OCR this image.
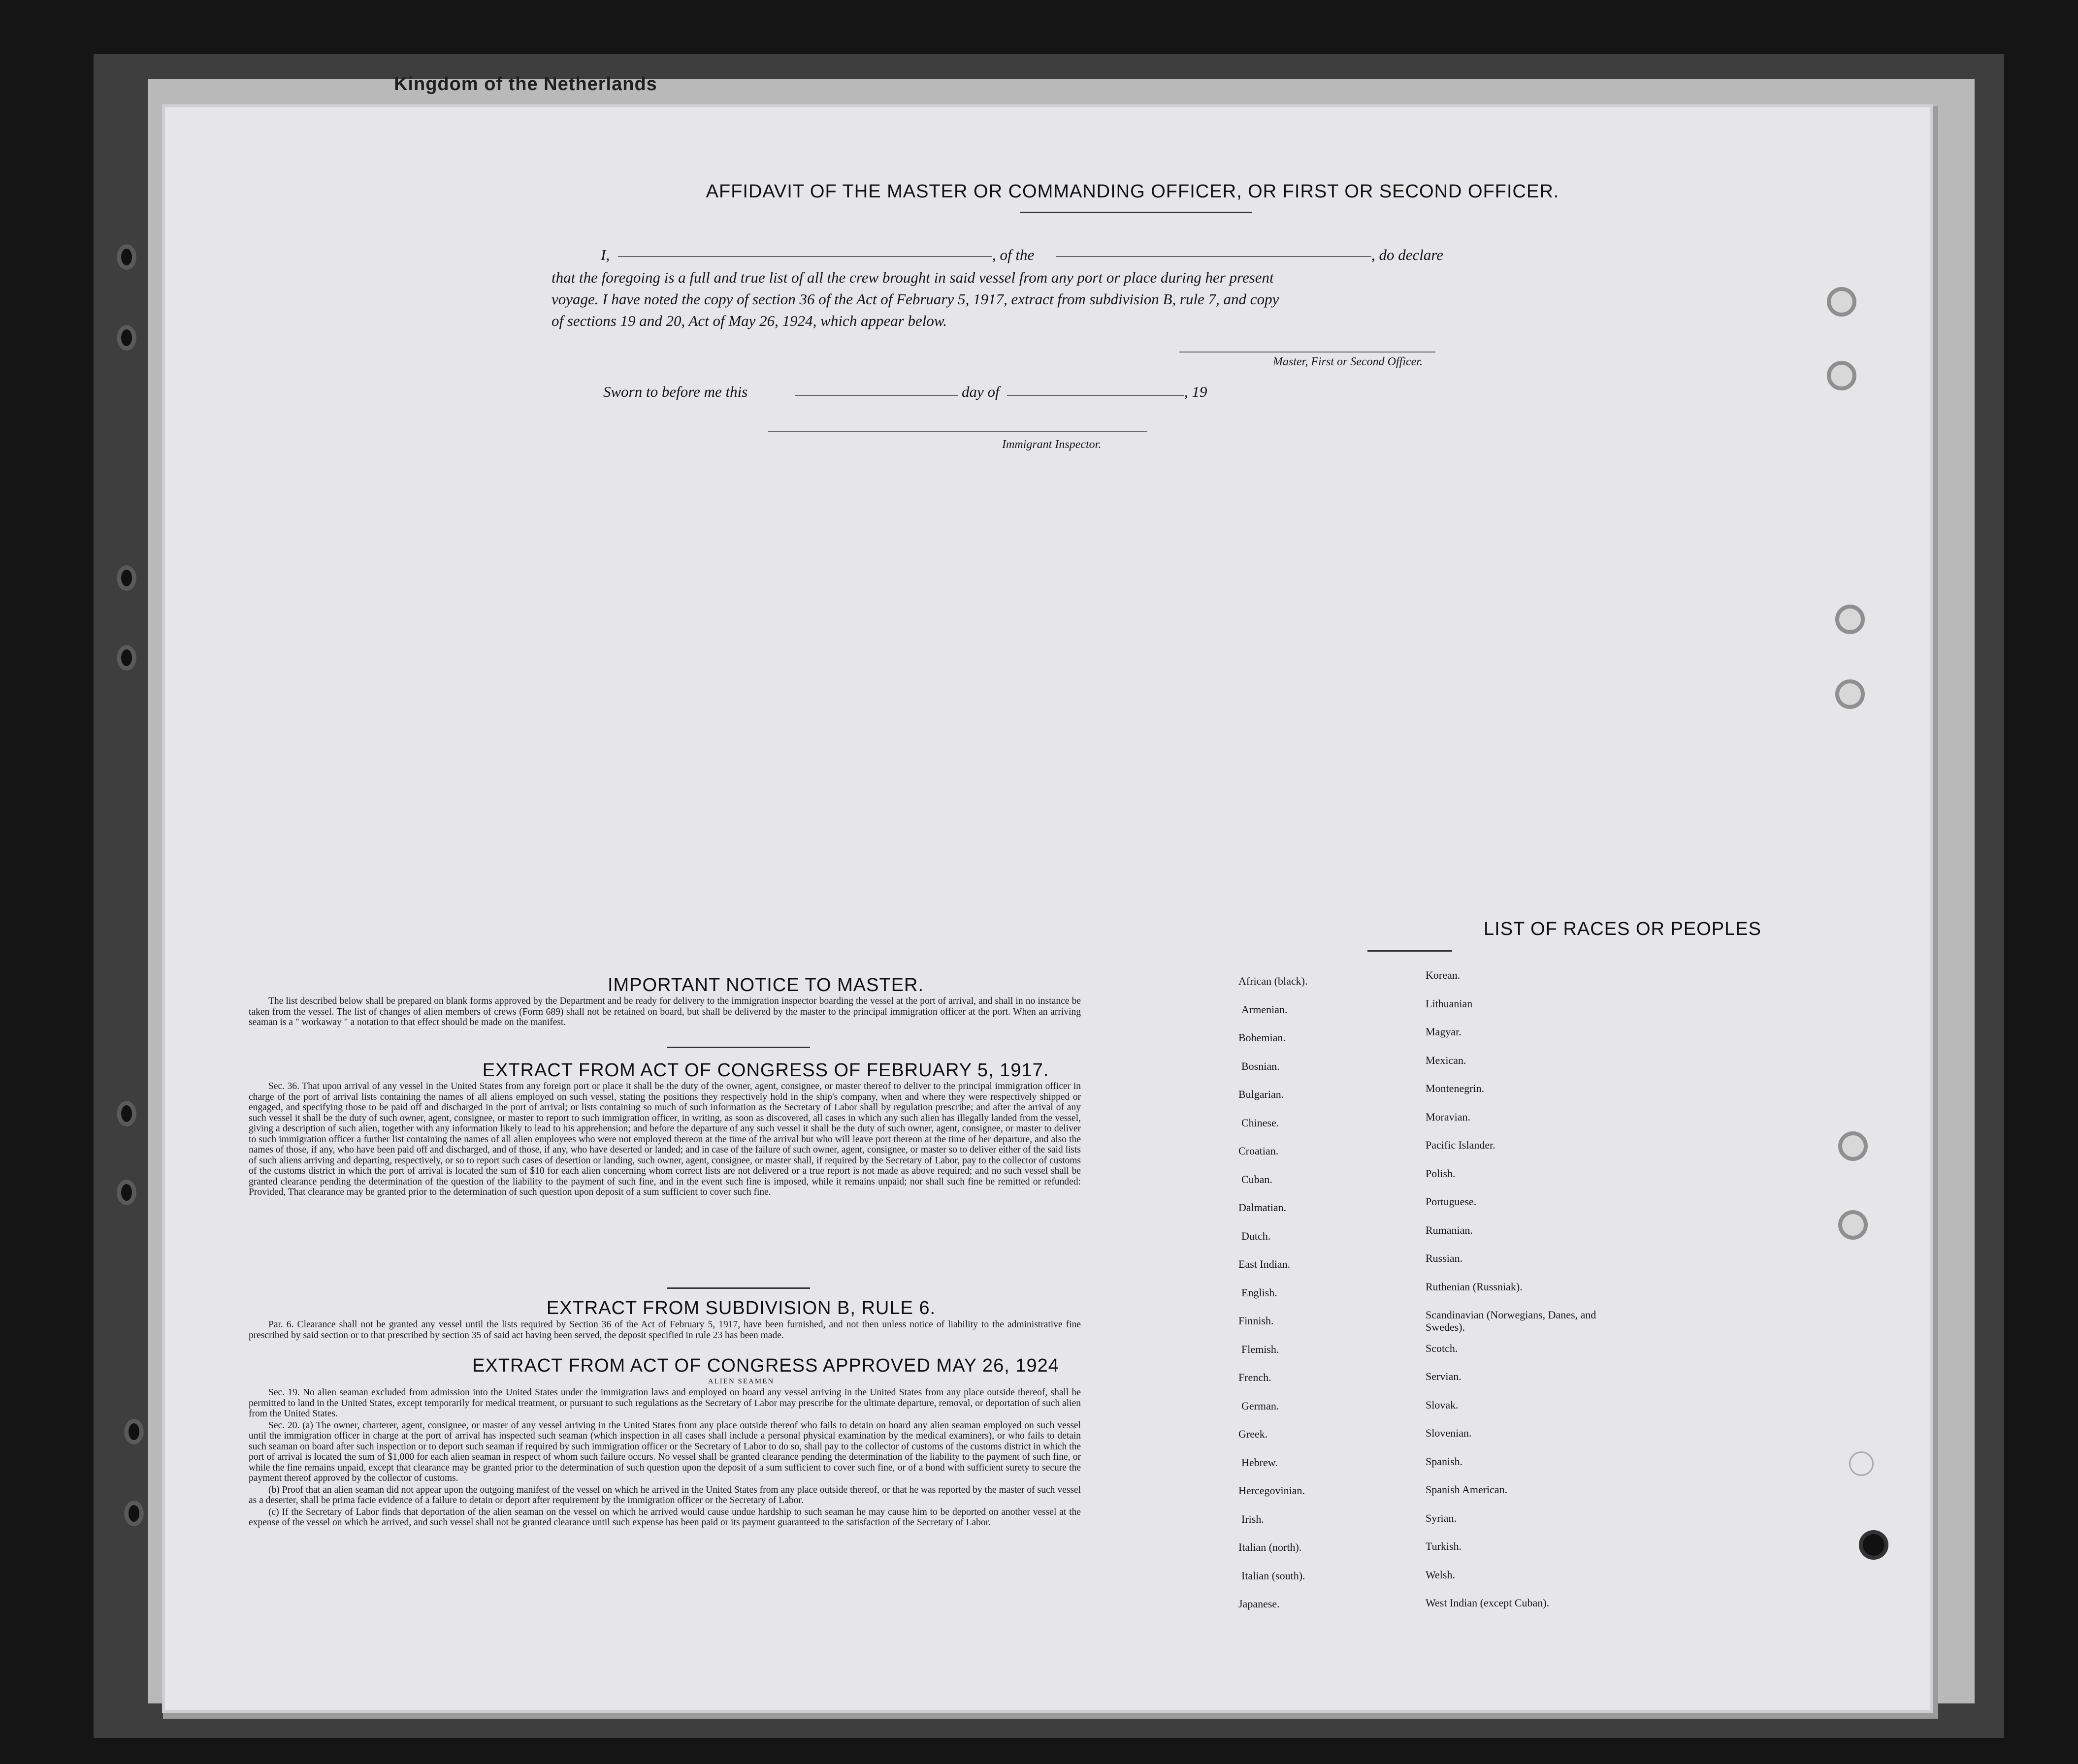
Kingdom of the Netherlands
AFFIDAVIT OF THE MASTER OR COMMANDING OFFICER, OR FIRST OR SECOND OFFICER.
I,	, of the	, do declare
that the foregoing is a full and true list of all the crew brought in said vessel from any port or place during her present
voyage. I have noted the copy of section 36 of the Act of February 5, 1917, extract from subdivision B, rule 7, and copy
of sections 19 and 20, Act of May 26, 1924, which appear below.
Master, First or Second Officer.
Sworn to before me this	day of	, 19
Immigrant Inspector.
IMPORTANT NOTICE TO MASTER.

The list described below shall be prepared on blank forms approved by the Department and be ready for delivery to the immigration inspector boarding the vessel at the port of arrival, and shall in no instance be taken from the vessel. The list of changes of alien members of crews (Form 689) shall not be retained on board, but shall be delivered by the master to the principal immigration officer at the port. When an arriving seaman is a " workaway " a notation to that effect should be made on the manifest.

EXTRACT FROM ACT OF CONGRESS OF FEBRUARY 5, 1917.

Sec. 36. That upon arrival of any vessel in the United States from any foreign port or place it shall be the duty of the owner, agent, consignee, or master thereof to deliver to the principal immigration officer in charge of the port of arrival lists containing the names of all aliens employed on such vessel, stating the positions they respectively hold in the ship's company, when and where they were respectively shipped or engaged, and specifying those to be paid off and discharged in the port of arrival; or lists containing so much of such information as the Secretary of Labor shall by regulation prescribe; and after the arrival of any such vessel it shall be the duty of such owner, agent, consignee, or master to report to such immigration officer, in writing, as soon as discovered, all cases in which any such alien has illegally landed from the vessel, giving a description of such alien, together with any information likely to lead to his apprehension; and before the departure of any such vessel it shall be the duty of such owner, agent, consignee, or master to deliver to such immigration officer a further list containing the names of all alien employees who were not employed thereon at the time of the arrival but who will leave port thereon at the time of her departure, and also the names of those, if any, who have been paid off and discharged, and of those, if any, who have deserted or landed; and in case of the failure of such owner, agent, consignee, or master so to deliver either of the said lists of such aliens arriving and departing, respectively, or so to report such cases of desertion or landing, such owner, agent, consignee, or master shall, if required by the Secretary of Labor, pay to the collector of customs of the customs district in which the port of arrival is located the sum of $10 for each alien concerning whom correct lists are not delivered or a true report is not made as above required; and no such vessel shall be granted clearance pending the determination of the question of the liability to the payment of such fine, and in the event such fine is imposed, while it remains unpaid; nor shall such fine be remitted or refunded: Provided, That clearance may be granted prior to the determination of such question upon deposit of a sum sufficient to cover such fine.

EXTRACT FROM SUBDIVISION B, RULE 6.

Par. 6. Clearance shall not be granted any vessel until the lists required by Section 36 of the Act of February 5, 1917, have been furnished, and not then unless notice of liability to the administrative fine prescribed by said section or to that prescribed by section 35 of said act having been served, the deposit specified in rule 23 has been made.

EXTRACT FROM ACT OF CONGRESS APPROVED MAY 26, 1924
ALIEN SEAMEN

Sec. 19. No alien seaman excluded from admission into the United States under the immigration laws and employed on board any vessel arriving in the United States from any place outside thereof, shall be permitted to land in the United States, except temporarily for medical treatment, or pursuant to such regulations as the Secretary of Labor may prescribe for the ultimate departure, removal, or deportation of such alien from the United States.

Sec. 20. (a) The owner, charterer, agent, consignee, or master of any vessel arriving in the United States from any place outside thereof who fails to detain on board any alien seaman employed on such vessel until the immigration officer in charge at the port of arrival has inspected such seaman (which inspection in all cases shall include a personal physical examination by the medical examiners), or who fails to detain such seaman on board after such inspection or to deport such seaman if required by such immigration officer or the Secretary of Labor to do so, shall pay to the collector of customs of the customs district in which the port of arrival is located the sum of $1,000 for each alien seaman in respect of whom such failure occurs. No vessel shall be granted clearance pending the determination of the liability to the payment of such fine, or while the fine remains unpaid, except that clearance may be granted prior to the determination of such question upon the deposit of a sum sufficient to cover such fine, or of a bond with sufficient surety to secure the payment thereof approved by the collector of customs.

(b) Proof that an alien seaman did not appear upon the outgoing manifest of the vessel on which he arrived in the United States from any place outside thereof, or that he was reported by the master of such vessel as a deserter, shall be prima facie evidence of a failure to detain or deport after requirement by the immigration officer or the Secretary of Labor.

(c) If the Secretary of Labor finds that deportation of the alien seaman on the vessel on which he arrived would cause undue hardship to such seaman he may cause him to be deported on another vessel at the expense of the vessel on which he arrived, and such vessel shall not be granted clearance until such expense has been paid or its payment guaranteed to the satisfaction of the Secretary of Labor.

LIST OF RACES OR PEOPLES
African (black).
Armenian.
Bohemian.
Bosnian.
Bulgarian.
Chinese.
Croatian.
Cuban.
Dalmatian.
Dutch.
East Indian.
English.
Finnish.
Flemish.
French.
German.
Greek.
Hebrew.
Hercegovinian.
Irish.
Italian (north).
Italian (south).
Japanese.
Korean.
Lithuanian
Magyar.
Mexican.
Montenegrin.
Moravian.
Pacific Islander.
Polish.
Portuguese.
Rumanian.
Russian.
Ruthenian (Russniak).
Scandinavian (Norwegians, Danes, and Swedes).
Scotch.
Servian.
Slovak.
Slovenian.
Spanish.
Spanish American.
Syrian.
Turkish.
Welsh.
West Indian (except Cuban).
